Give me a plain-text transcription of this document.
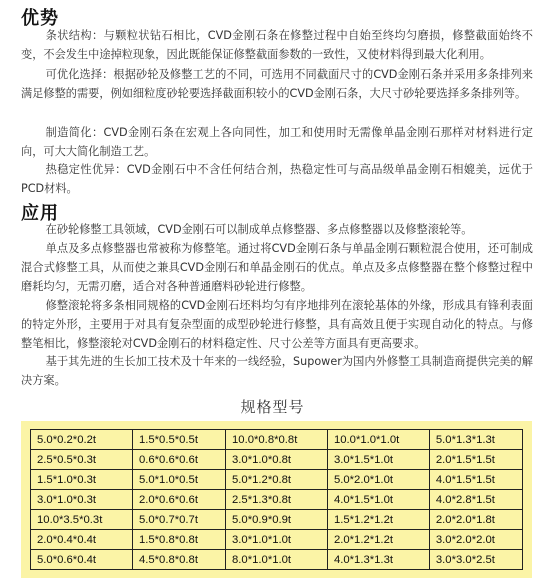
优势
条状结构：与颗粒状钻石相比，CVD金刚石条在修整过程中自始至终均匀磨损，修整截面始终不变，不会发生中途掉粒现象，因此既能保证修整截面参数的一致性，又使材料得到最大化利用。
可优化选择：根据砂轮及修整工艺的不同，可选用不同截面尺寸的CVD金刚石条并采用多条排列来满足修整的需要，例如细粒度砂轮要选择截面积较小的CVD金刚石条，大尺寸砂轮要选择多条排列等。
制造简化：CVD金刚石条在宏观上各向同性，加工和使用时无需像单晶金刚石那样对材料进行定向，可大大简化制造工艺。
热稳定性优异：CVD金刚石中不含任何结合剂，热稳定性可与高品级单晶金刚石相媲美，远优于PCD材料。
应用
在砂轮修整工具领域，CVD金刚石可以制成单点修整器、多点修整器以及修整滚轮等。
单点及多点修整器也常被称为修整笔。通过将CVD金刚石条与单晶金刚石颗粒混合使用，还可制成混合式修整工具，从而使之兼具CVD金刚石和单晶金刚石的优点。单点及多点修整器在整个修整过程中磨耗均匀，无需刃磨，适合对各种普通磨料砂轮进行修整。
修整滚轮将多条相同规格的CVD金刚石坯料均匀有序地排列在滚轮基体的外缘，形成具有锋利表面的特定外形，主要用于对具有复杂型面的成型砂轮进行修整，具有高效且便于实现自动化的特点。与修整笔相比，修整滚轮对CVD金刚石的材料稳定性、尺寸公差等方面具有更高要求。
基于其先进的生长加工技术及十年来的一线经验，Supower为国内外修整工具制造商提供完美的解决方案。
规格型号
5.0*0.2*0.2t	1.5*0.5*0.5t	10.0*0.8*0.8t	10.0*1.0*1.0t	5.0*1.3*1.3t
2.5*0.5*0.3t	0.6*0.6*0.6t	3.0*1.0*0.8t	3.0*1.5*1.0t	2.0*1.5*1.5t
1.5*1.0*0.3t	5.0*1.0*0.5t	5.0*1.2*0.8t	5.0*2.0*1.0t	4.0*1.5*1.5t
3.0*1.0*0.3t	2.0*0.6*0.6t	2.5*1.3*0.8t	4.0*1.5*1.0t	4.0*2.8*1.5t
10.0*3.5*0.3t	5.0*0.7*0.7t	5.0*0.9*0.9t	1.5*1.2*1.2t	2.0*2.0*1.8t
2.0*0.4*0.4t	1.5*0.8*0.8t	3.0*1.0*1.0t	2.0*1.2*1.2t	3.0*2.0*2.0t
5.0*0.6*0.4t	4.5*0.8*0.8t	8.0*1.0*1.0t	4.0*1.3*1.3t	3.0*3.0*2.5t
